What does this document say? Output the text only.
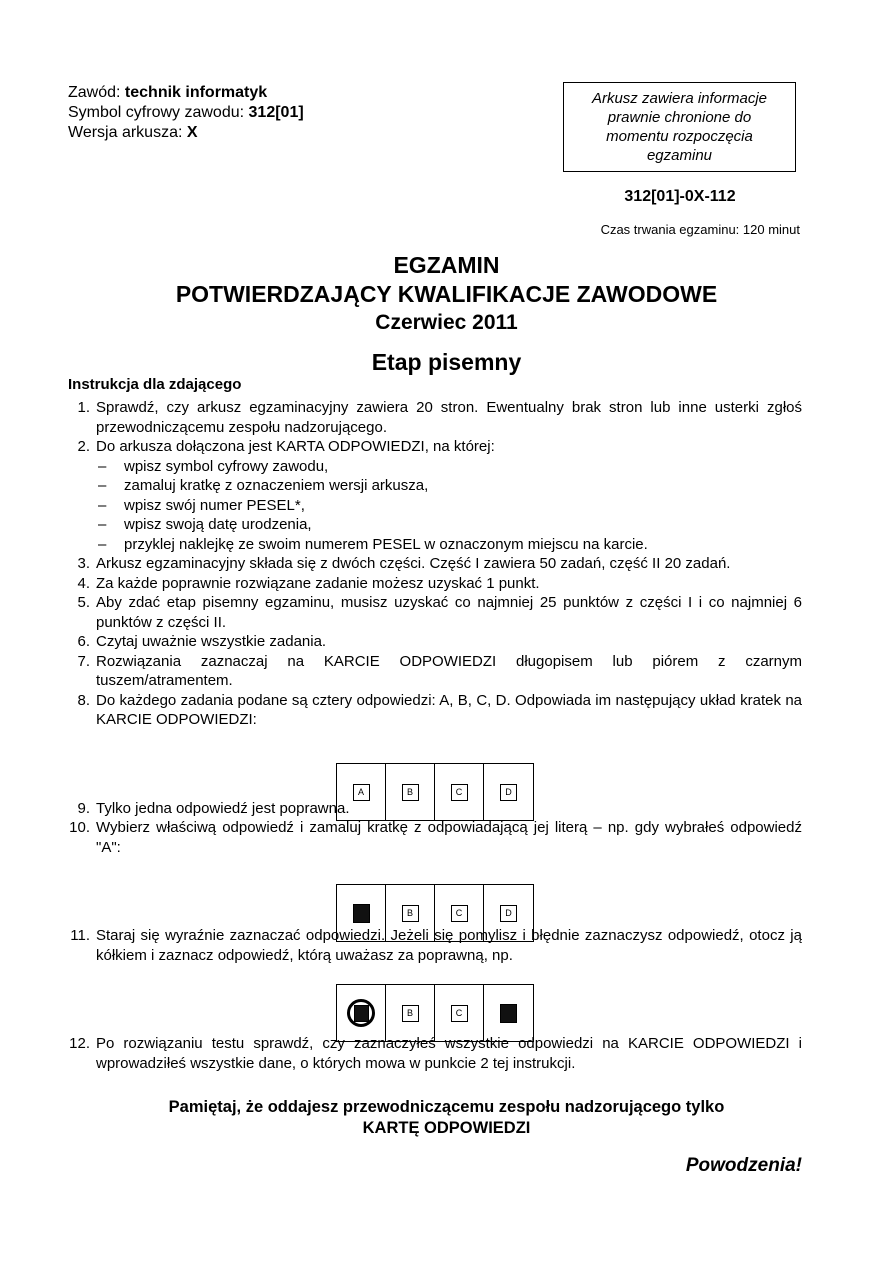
Zawód: technik informatyk
Symbol cyfrowy zawodu: 312[01]
Wersja arkusza: X
Arkusz zawiera informacje
prawnie chronione do
momentu rozpoczęcia
egzaminu
312[01]-0X-112
Czas trwania egzaminu: 120 minut
EGZAMIN
POTWIERDZAJĄCY KWALIFIKACJE ZAWODOWE
Czerwiec 2011
Etap pisemny
Instrukcja dla zdającego
1. Sprawdź, czy arkusz egzaminacyjny zawiera 20 stron. Ewentualny brak stron lub inne usterki zgłoś przewodniczącemu zespołu nadzorującego.
2. Do arkusza dołączona jest KARTA ODPOWIEDZI, na której:
–	wpisz symbol cyfrowy zawodu,
–	zamaluj kratkę z oznaczeniem wersji arkusza,
–	wpisz swój numer PESEL*,
–	wpisz swoją datę urodzenia,
–	przyklej naklejkę ze swoim numerem PESEL w oznaczonym miejscu na karcie.
3. Arkusz egzaminacyjny składa się z dwóch części. Część I zawiera 50 zadań, część II 20 zadań.
4. Za każde poprawnie rozwiązane zadanie możesz uzyskać 1 punkt.
5. Aby zdać etap pisemny egzaminu, musisz uzyskać co najmniej 25 punktów z części I i co najmniej 6 punktów z części II.
6. Czytaj uważnie wszystkie zadania.
7. Rozwiązania zaznaczaj na KARCIE ODPOWIEDZI długopisem lub piórem z czarnym tuszem/atramentem.
8. Do każdego zadania podane są cztery odpowiedzi: A, B, C, D. Odpowiada im następujący układ kratek na KARCIE ODPOWIEDZI:
9. Tylko jedna odpowiedź jest poprawna.
10. Wybierz właściwą odpowiedź i zamaluj kratkę z odpowiadającą jej literą – np. gdy wybrałeś odpowiedź "A":
11. Staraj się wyraźnie zaznaczać odpowiedzi. Jeżeli się pomylisz i błędnie zaznaczysz odpowiedź, otocz ją kółkiem i zaznacz odpowiedź, którą uważasz za poprawną, np.
12. Po rozwiązaniu testu sprawdź, czy zaznaczyłeś wszystkie odpowiedzi na KARCIE ODPOWIEDZI i wprowadziłeś wszystkie dane, o których mowa w punkcie 2 tej instrukcji.
A	B	C	D
B	C	D
B	C
Pamiętaj, że oddajesz przewodniczącemu zespołu nadzorującego tylko
KARTĘ ODPOWIEDZI
Powodzenia!
